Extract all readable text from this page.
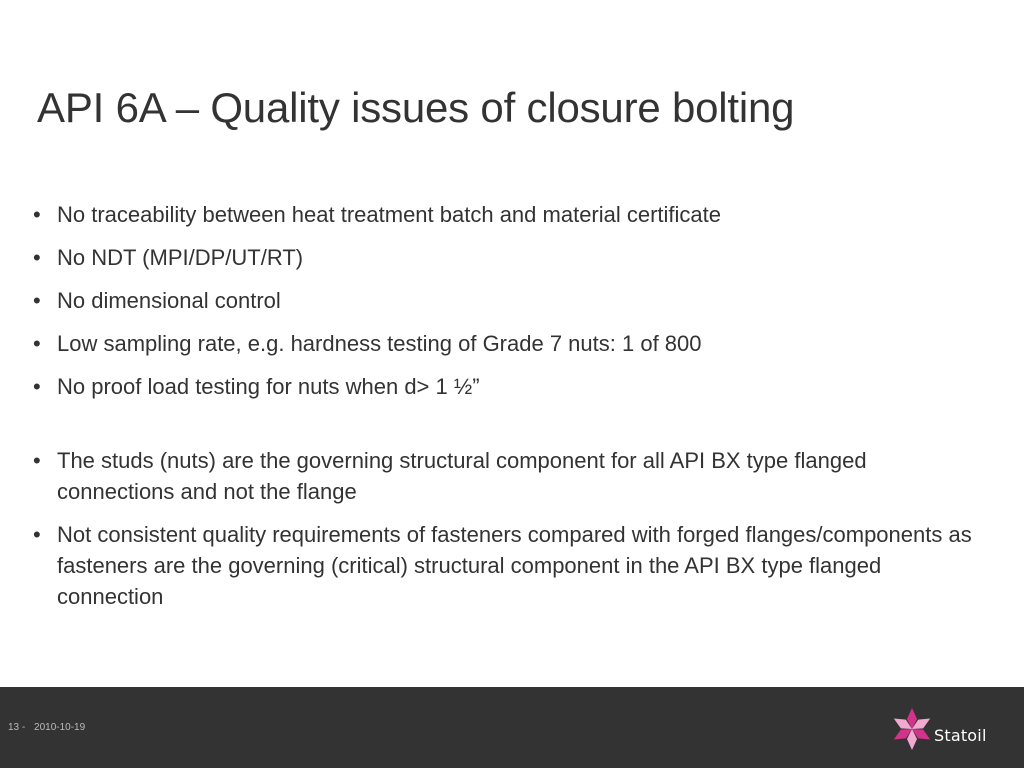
API 6A – Quality issues of closure bolting
• No traceability between heat treatment batch and material certificate
• No NDT (MPI/DP/UT/RT)
• No dimensional control
• Low sampling rate, e.g. hardness testing of Grade 7 nuts: 1 of 800
• No proof load testing for nuts when d> 1 ½”
• The studs (nuts) are the governing structural component for all API BX type flanged connections and not the flange
• Not consistent quality requirements of fasteners compared with forged flanges/components as fasteners are the governing (critical) structural component in the API BX type flanged connection
13 - 2010-10-19	Statoil
